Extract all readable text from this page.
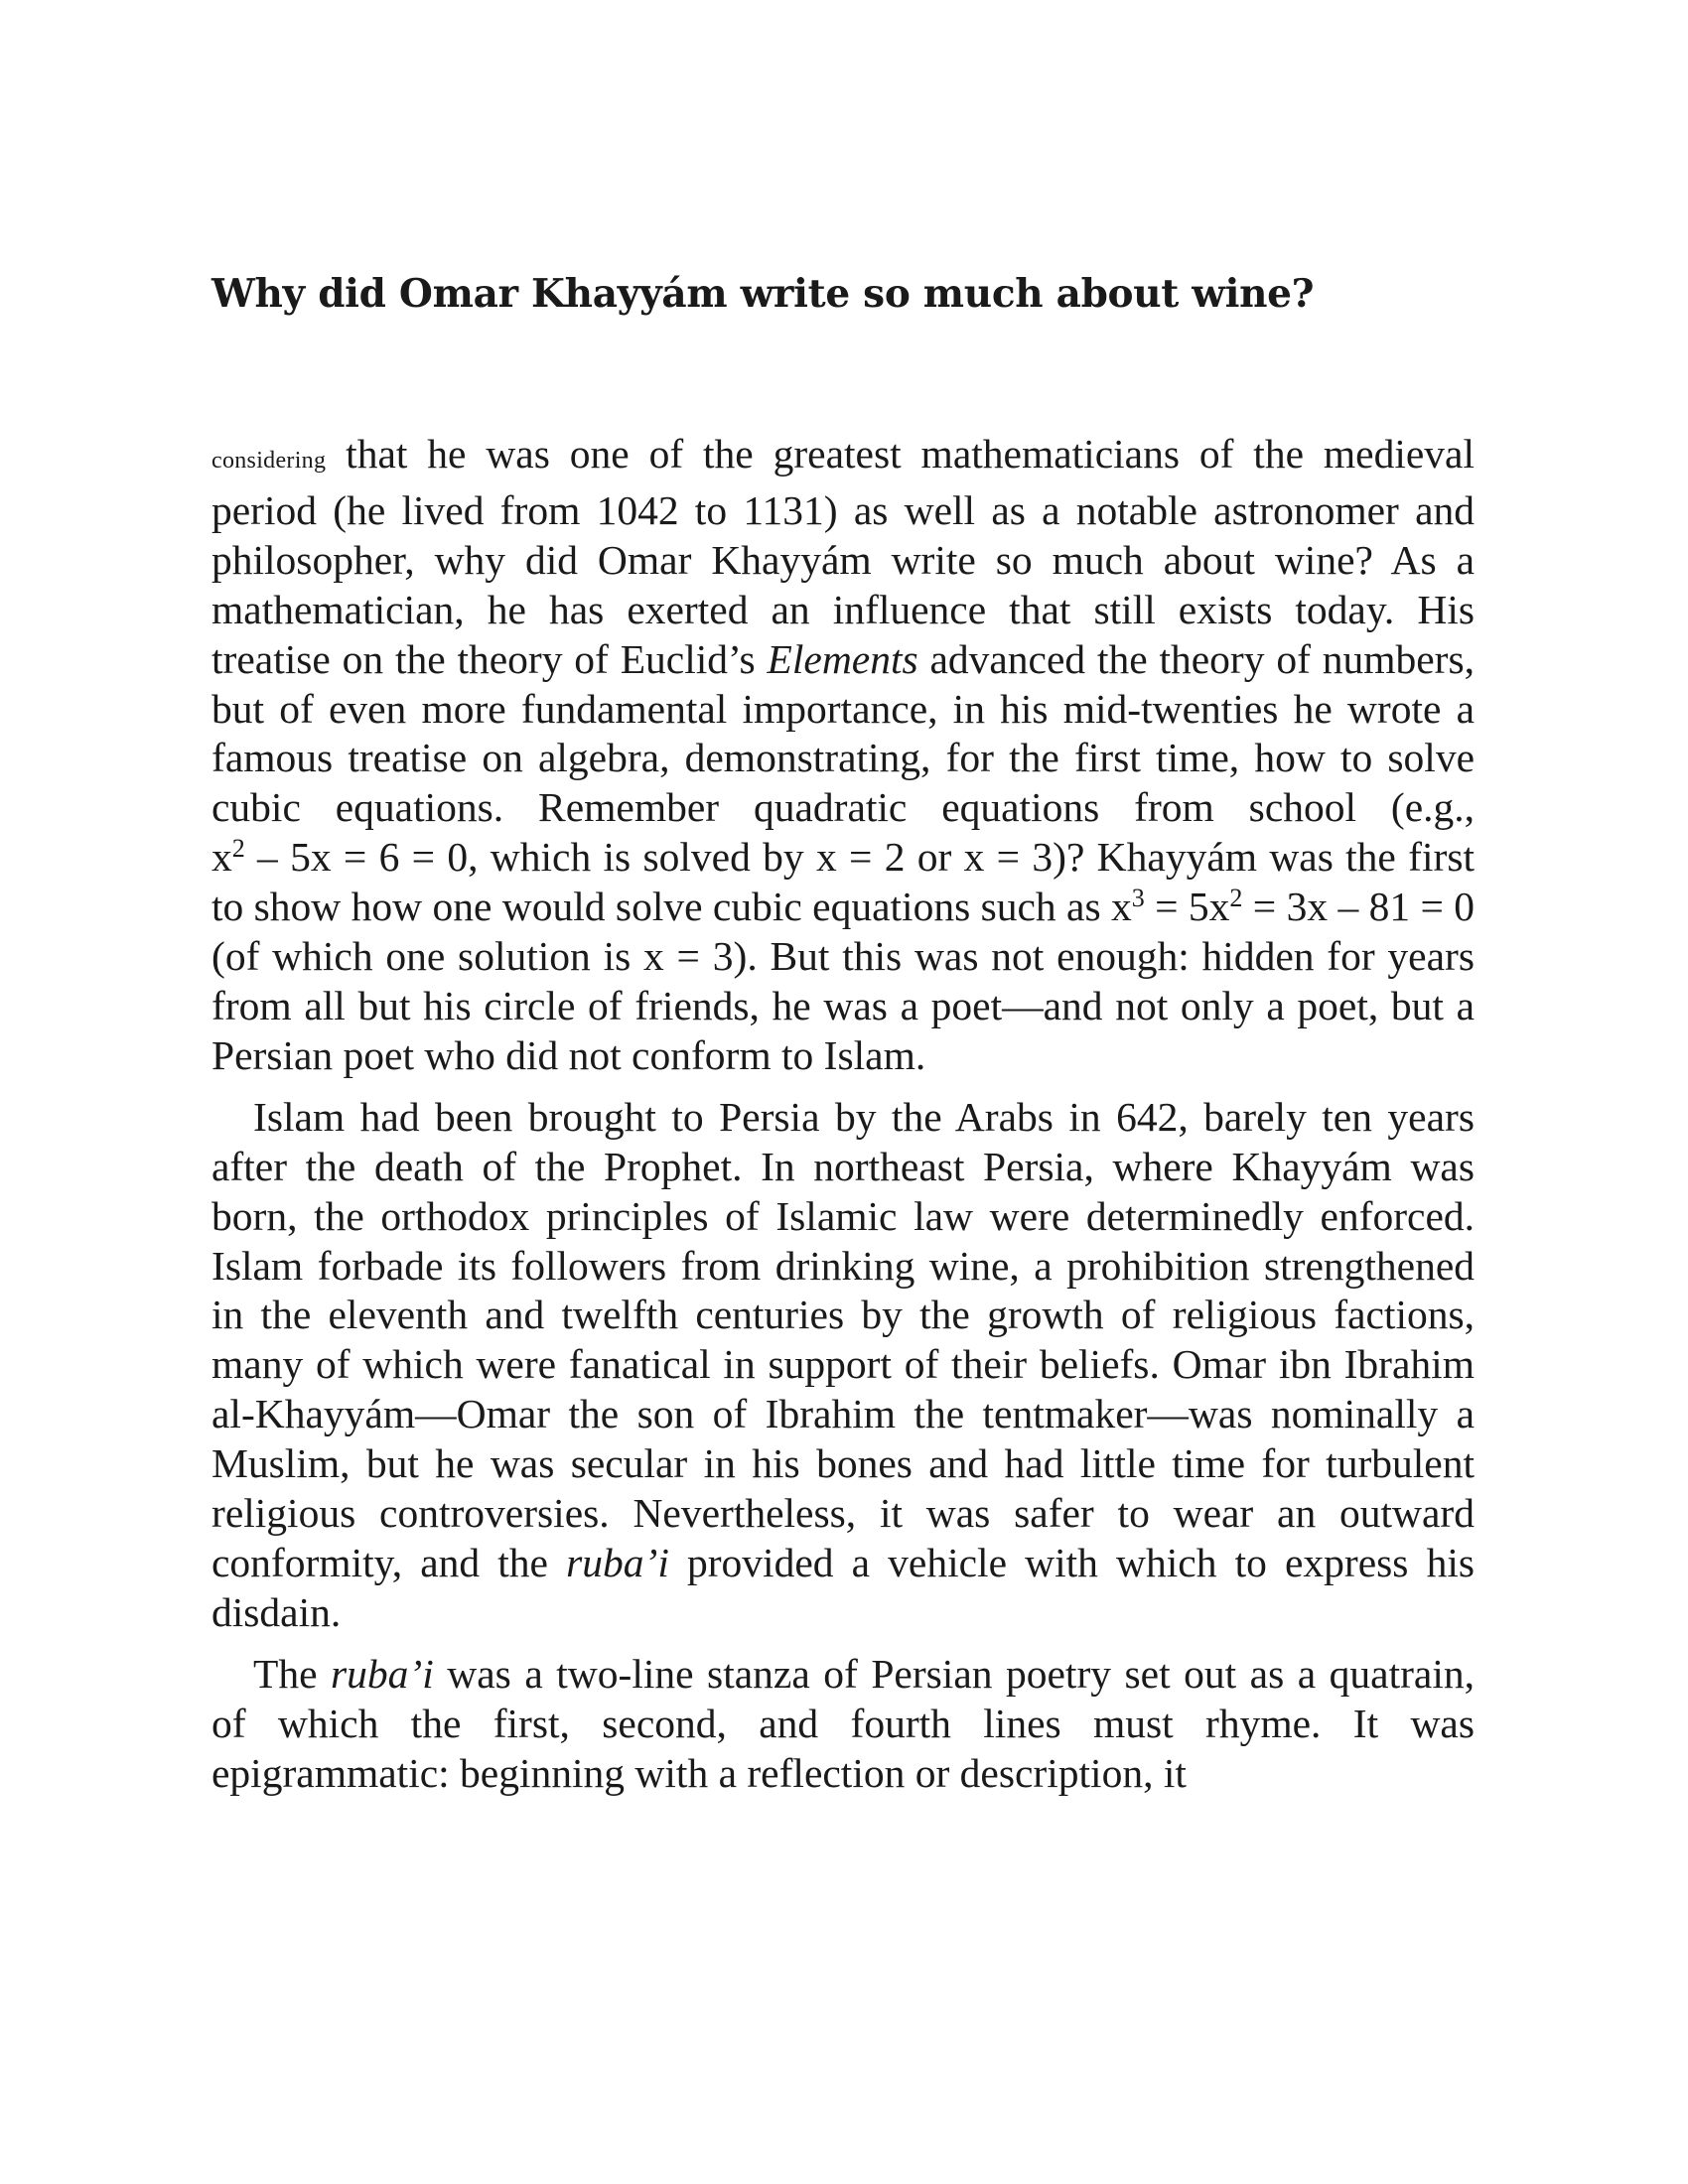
Why did Omar Khayyám write so much about wine?

considering that he was one of the greatest mathematicians of the medieval period (he lived from 1042 to 1131) as well as a notable astronomer and philosopher, why did Omar Khayyám write so much about wine? As a mathematician, he has exerted an influence that still exists today. His treatise on the theory of Euclid’s Elements advanced the theory of numbers, but of even more fundamental importance, in his mid-twenties he wrote a famous treatise on algebra, demonstrating, for the first time, how to solve cubic equations. Remember quadratic equations from school (e.g., $x^2 - 5x = 6 = 0$, which is solved by x = 2 or x = 3)? Khayyám was the first to show how one would solve cubic equations such as $x^3 = 5x^2 = 3x - 81 = 0$ (of which one solution is x = 3). But this was not enough: hidden for years from all but his circle of friends, he was a poet—and not only a poet, but a Persian poet who did not conform to Islam.

Islam had been brought to Persia by the Arabs in 642, barely ten years after the death of the Prophet. In northeast Persia, where Khayyám was born, the orthodox principles of Islamic law were determinedly enforced. Islam forbade its followers from drinking wine, a prohibition strengthened in the eleventh and twelfth centuries by the growth of religious factions, many of which were fanatical in support of their beliefs. Omar ibn Ibrahim al-Khayyám—Omar the son of Ibrahim the tentmaker—was nominally a Muslim, but he was secular in his bones and had little time for turbulent religious controversies. Nevertheless, it was safer to wear an outward conformity, and the ruba’i provided a vehicle with which to express his disdain.

The ruba’i was a two-line stanza of Persian poetry set out as a quatrain, of which the first, second, and fourth lines must rhyme. It was epigrammatic: beginning with a reflection or description, it
